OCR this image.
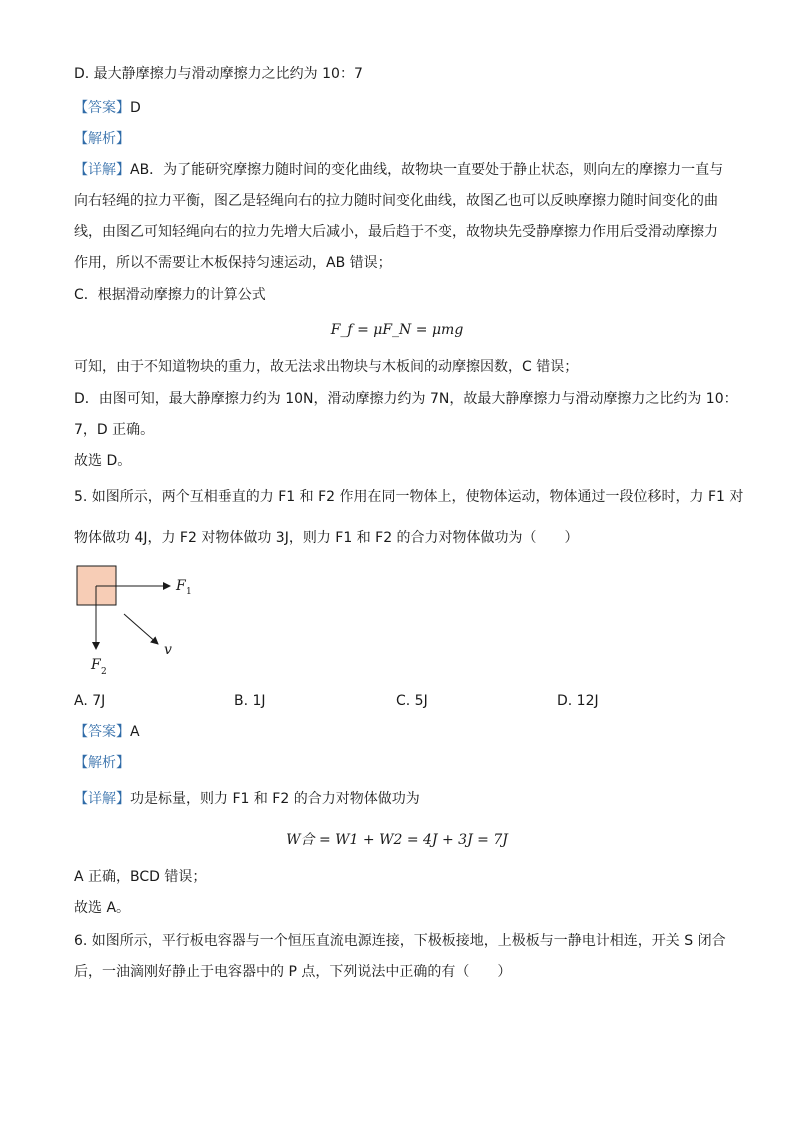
D. 最大静摩擦力与滑动摩擦力之比约为 10：7
【答案】D
【解析】
【详解】AB．为了能研究摩擦力随时间的变化曲线，故物块一直要处于静止状态，则向左的摩擦力一直与
向右轻绳的拉力平衡，图乙是轻绳向右的拉力随时间变化曲线，故图乙也可以反映摩擦力随时间变化的曲
线，由图乙可知轻绳向右的拉力先增大后减小，最后趋于不变，故物块先受静摩擦力作用后受滑动摩擦力
作用，所以不需要让木板保持匀速运动，AB 错误；
C．根据滑动摩擦力的计算公式
F_f = μF_N = μmg
可知，由于不知道物块的重力，故无法求出物块与木板间的动摩擦因数，C 错误；
D．由图可知，最大静摩擦力约为 10N，滑动摩擦力约为 7N，故最大静摩擦力与滑动摩擦力之比约为 10：
7，D 正确。
故选 D。
5. 如图所示，两个互相垂直的力 F1 和 F2 作用在同一物体上，使物体运动，物体通过一段位移时，力 F1 对
物体做功 4J，力 F2 对物体做功 3J，则力 F1 和 F2 的合力对物体做功为（　　）
F 1
F 2
v
A. 7J	B. 1J	C. 5J	D. 12J
【答案】A
【解析】
【详解】功是标量，则力 F1 和 F2 的合力对物体做功为
W合 = W1 + W2 = 4J + 3J = 7J
A 正确，BCD 错误；
故选 A。
6. 如图所示，平行板电容器与一个恒压直流电源连接，下极板接地，上极板与一静电计相连，开关 S 闭合
后，一油滴刚好静止于电容器中的 P 点，下列说法中正确的有（　　）
